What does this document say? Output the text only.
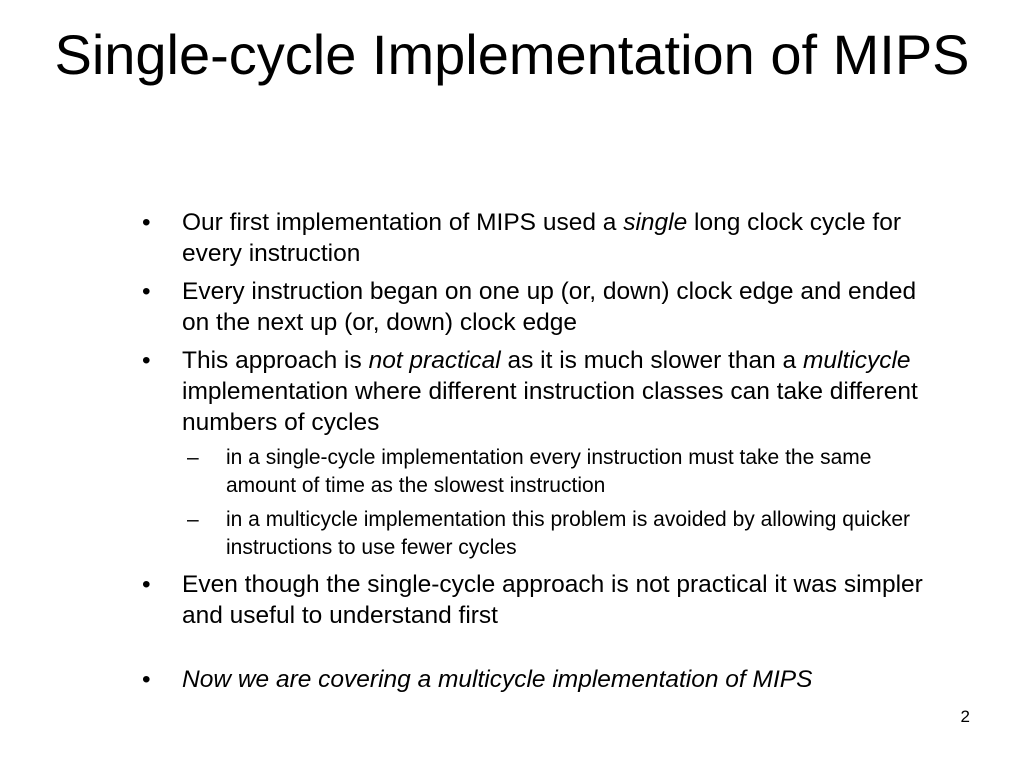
Single-cycle Implementation of MIPS
• Our first implementation of MIPS used a single long clock cycle for every instruction
• Every instruction began on one up (or, down) clock edge and ended on the next up (or, down) clock edge
• This approach is not practical as it is much slower than a multicycle implementation where different instruction classes can take different numbers of cycles
– in a single-cycle implementation every instruction must take the same amount of time as the slowest instruction
– in a multicycle implementation this problem is avoided by allowing quicker instructions to use fewer cycles
• Even though the single-cycle approach is not practical it was simpler and useful to understand first
• Now we are covering a multicycle implementation of MIPS
2
